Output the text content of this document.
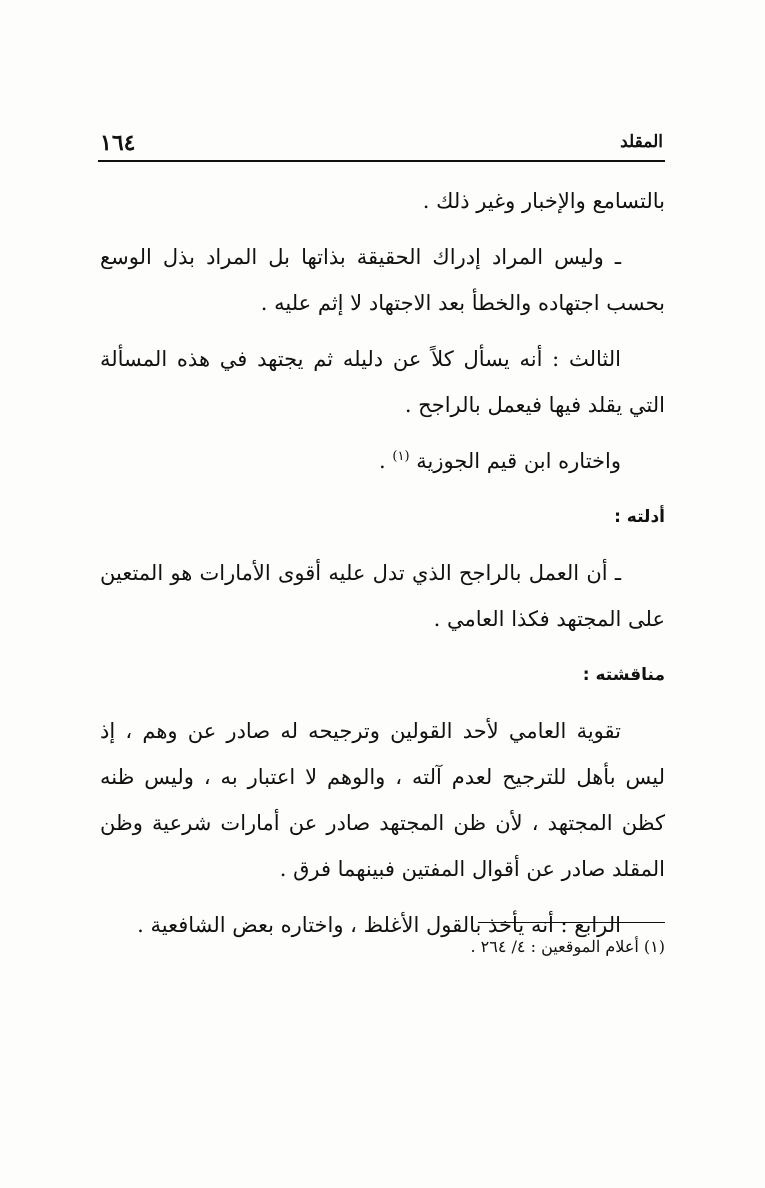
١٦٤	المقلد

بالتسامع والإخبار وغير ذلك .

ـ وليس المراد إدراك الحقيقة بذاتها بل المراد بذل الوسع بحسب اجتهاده والخطأ بعد الاجتهاد لا إثم عليه .

الثالث : أنه يسأل كلاً عن دليله ثم يجتهد في هذه المسألة التي يقلد فيها فيعمل بالراجح .

واختاره ابن قيم الجوزية $^{(١)}$ .

أدلته :

ـ أن العمل بالراجح الذي تدل عليه أقوى الأمارات هو المتعين على المجتهد فكذا العامي .

مناقشته :

تقوية العامي لأحد القولين وترجيحه له صادر عن وهم ، إذ ليس بأهل للترجيح لعدم آلته ، والوهم لا اعتبار به ، وليس ظنه كظن المجتهد ، لأن ظن المجتهد صادر عن أمارات شرعية وظن المقلد صادر عن أقوال المفتين فبينهما فرق .

الرابع : أنه يأخذ بالقول الأغلظ ، واختاره بعض الشافعية .

(١) أعلام الموقعين : ٤/ ٢٦٤ .
